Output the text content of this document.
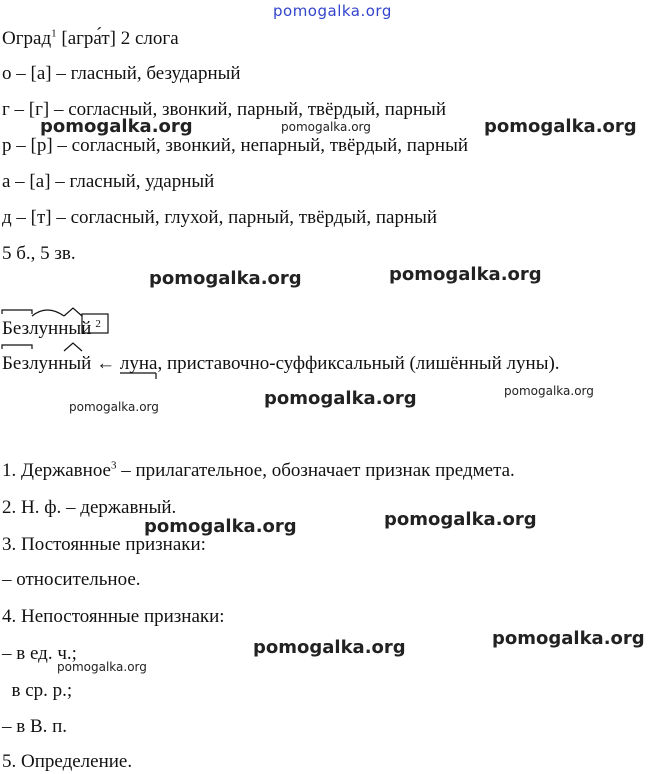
pomogalka.org
Оград$^1$ [агра́т] 2 слога
о – [а] – гласный, безударный
г – [г] – согласный, звонкий, парный, твёрдый, парный
р – [р] – согласный, звонкий, непарный, твёрдый, парный
а – [а] – гласный, ударный
д – [т] – согласный, глухой, парный, твёрдый, парный
5 б., 5 зв.
Безлунный $^2$
Безлунный ← луна
, приставочно-суффиксальный (лишённый луны).
1. Державное$^3$ – прилагательное, обозначает признак предмета.
2. Н. ф. – державный.
3. Постоянные признаки:
– относительное.
4. Непостоянные признаки:
– в ед. ч.;
в ср. р.;
– в В. п.
5. Определение.
pomogalka.org	pomogalka.org	pomogalka.org
pomogalka.org	pomogalka.org
pomogalka.org	pomogalka.org	pomogalka.org
pomogalka.org	pomogalka.org
pomogalka.org	pomogalka.org
pomogalka.org
